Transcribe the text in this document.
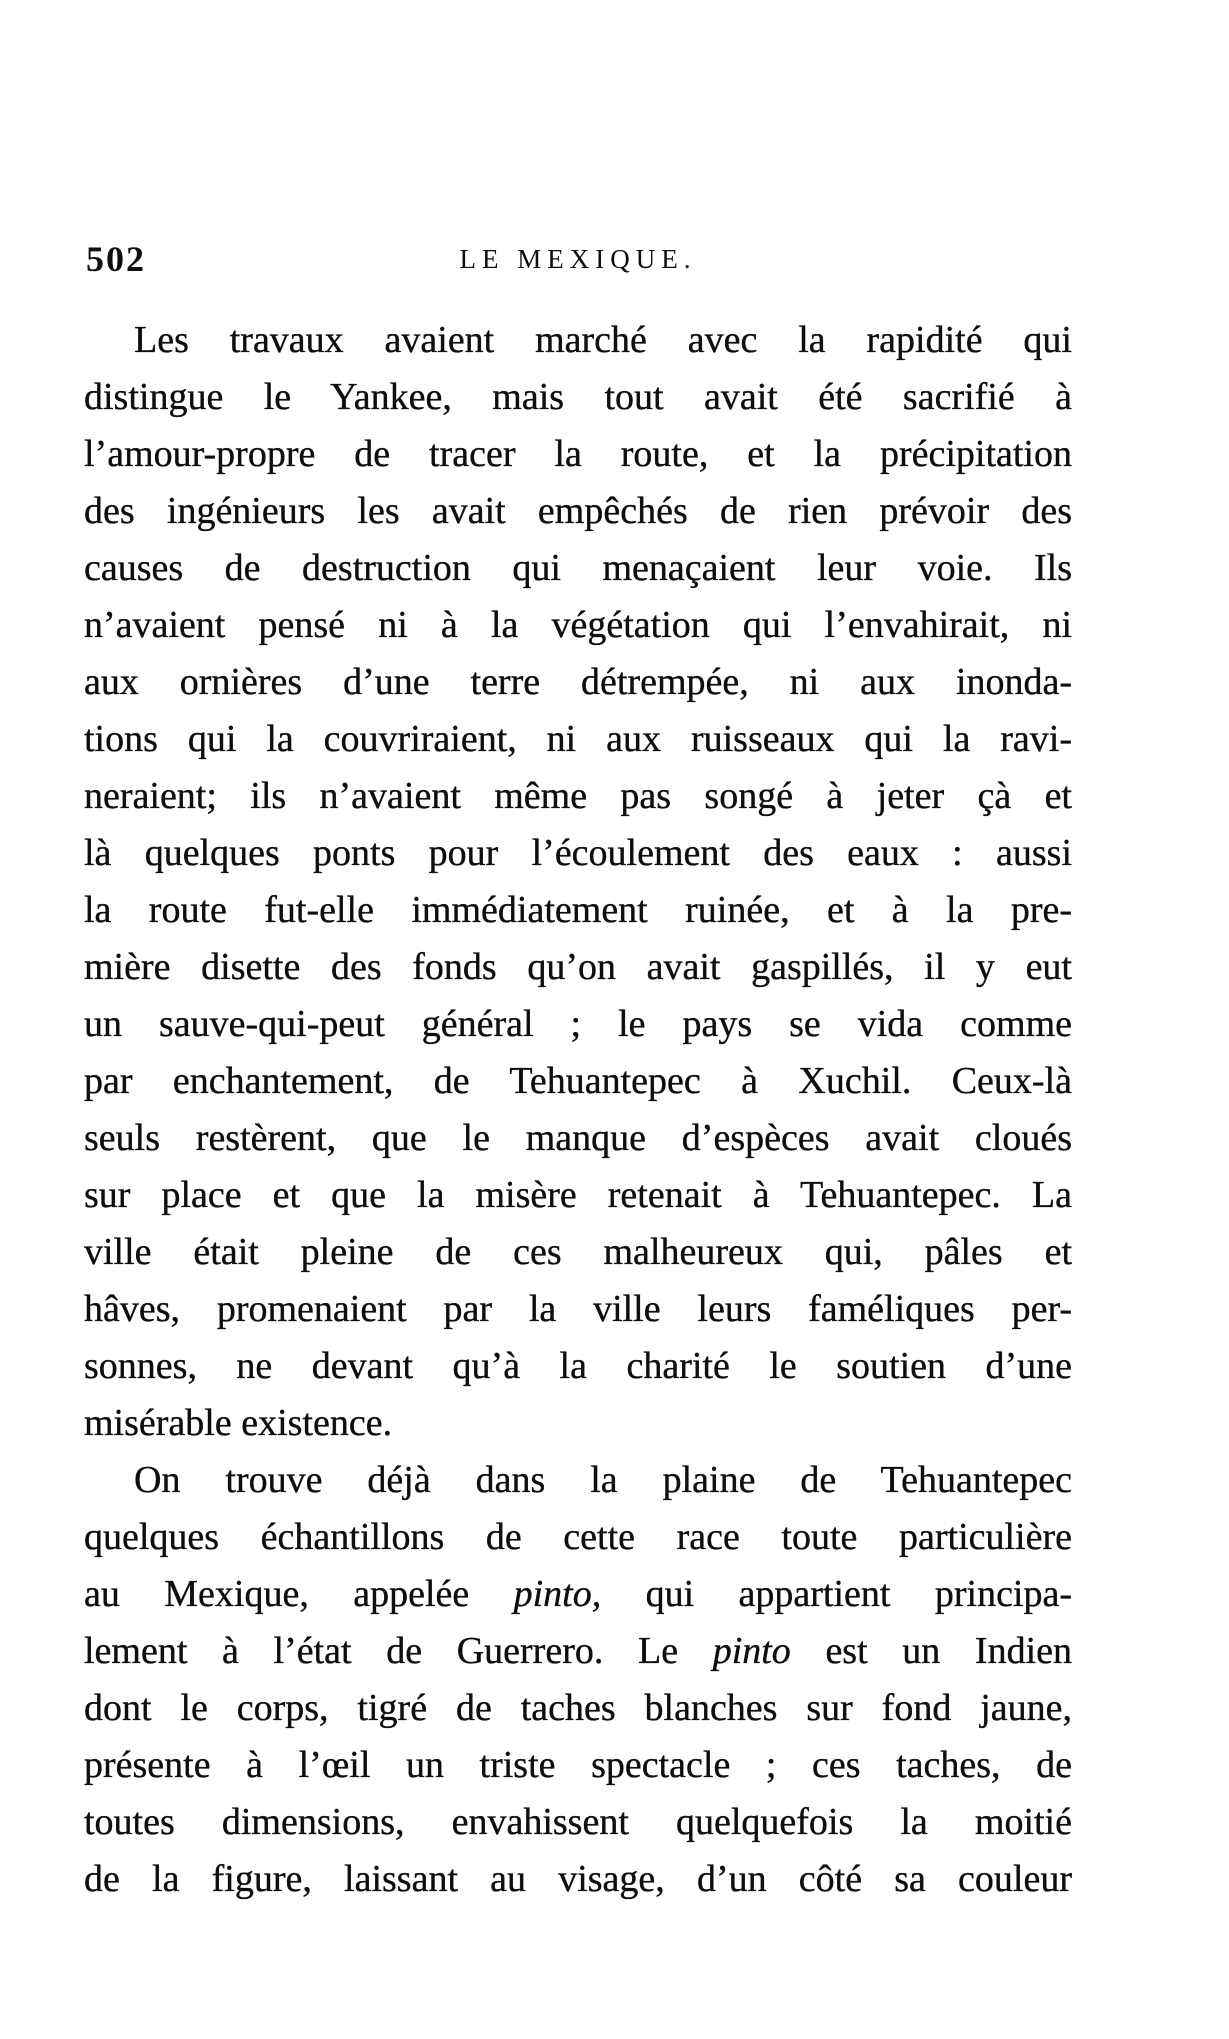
502	LE MEXIQUE.
Les travaux avaient marché avec la rapidité qui
distingue le Yankee, mais tout avait été sacrifié à
l’amour-propre de tracer la route, et la précipitation
des ingénieurs les avait empêchés de rien prévoir des
causes de destruction qui menaçaient leur voie. Ils
n’avaient pensé ni à la végétation qui l’envahirait, ni
aux ornières d’une terre détrempée, ni aux inonda-
tions qui la couvriraient, ni aux ruisseaux qui la ravi-
neraient; ils n’avaient même pas songé à jeter çà et
là quelques ponts pour l’écoulement des eaux : aussi
la route fut-elle immédiatement ruinée, et à la pre-
mière disette des fonds qu’on avait gaspillés, il y eut
un sauve-qui-peut général ; le pays se vida comme
par enchantement, de Tehuantepec à Xuchil. Ceux-là
seuls restèrent, que le manque d’espèces avait cloués
sur place et que la misère retenait à Tehuantepec. La
ville était pleine de ces malheureux qui, pâles et
hâves, promenaient par la ville leurs faméliques per-
sonnes, ne devant qu’à la charité le soutien d’une
misérable existence.
On trouve déjà dans la plaine de Tehuantepec
quelques échantillons de cette race toute particulière
au Mexique, appelée pinto, qui appartient principa-
lement à l’état de Guerrero. Le pinto est un Indien
dont le corps, tigré de taches blanches sur fond jaune,
présente à l’œil un triste spectacle ; ces taches, de
toutes dimensions, envahissent quelquefois la moitié
de la figure, laissant au visage, d’un côté sa couleur
